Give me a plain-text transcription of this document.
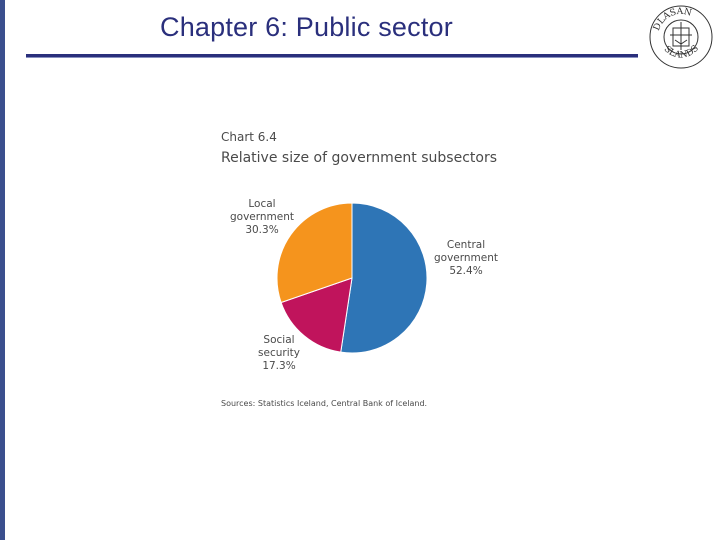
Chapter 6: Public sector	DLASAN
SLANDS
Chart 6.4
Relative size of government subsectors
Central government 52.4%
Social security 17.3%
Local government 30.3%
Sources: Statistics Iceland, Central Bank of Iceland.
